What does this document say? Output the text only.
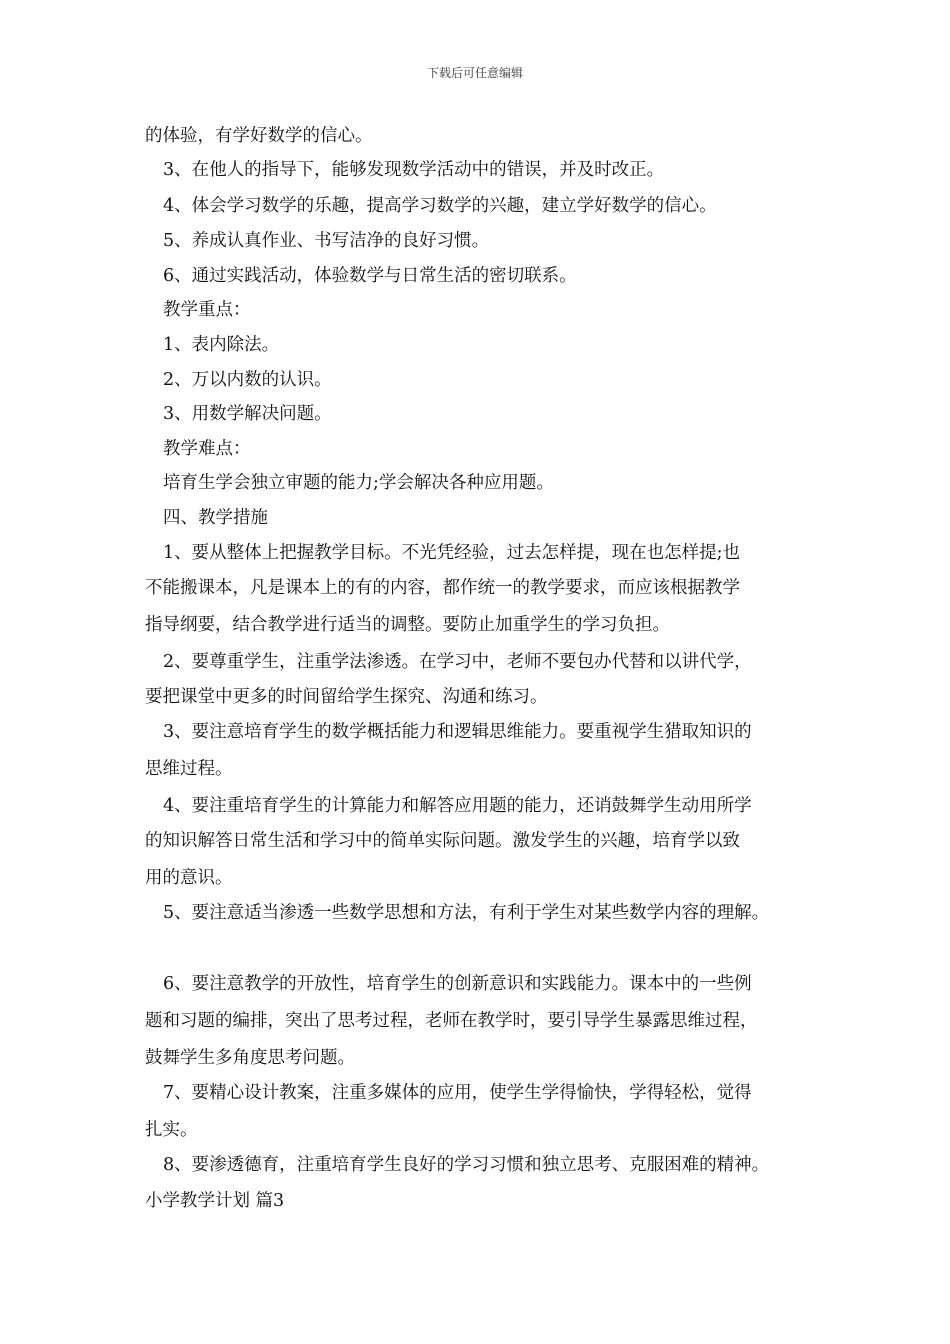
下载后可任意编辑
的体验，有学好数学的信心。
3、在他人的指导下，能够发现数学活动中的错误，并及时改正。
4、体会学习数学的乐趣，提高学习数学的兴趣，建立学好数学的信心。
5、养成认真作业、书写洁净的良好习惯。
6、通过实践活动，体验数学与日常生活的密切联系。
教学重点：
1、表内除法。
2、万以内数的认识。
3、用数学解决问题。
教学难点：
培育生学会独立审题的能力;学会解决各种应用题。
四、教学措施
1、要从整体上把握教学目标。不光凭经验，过去怎样提，现在也怎样提;也
不能搬课本，凡是课本上的有的内容，都作统一的教学要求，而应该根据教学
指导纲要，结合教学进行适当的调整。要防止加重学生的学习负担。
2、要尊重学生，注重学法渗透。在学习中，老师不要包办代替和以讲代学，
要把课堂中更多的时间留给学生探究、沟通和练习。
3、要注意培育学生的数学概括能力和逻辑思维能力。要重视学生猎取知识的
思维过程。
4、要注重培育学生的计算能力和解答应用题的能力，还诮鼓舞学生动用所学
的知识解答日常生活和学习中的简单实际问题。激发学生的兴趣，培育学以致
用的意识。
5、要注意适当渗透一些数学思想和方法，有利于学生对某些数学内容的理解。
6、要注意教学的开放性，培育学生的创新意识和实践能力。课本中的一些例
题和习题的编排，突出了思考过程，老师在教学时，要引导学生暴露思维过程，
鼓舞学生多角度思考问题。
7、要精心设计教案，注重多媒体的应用，使学生学得愉快，学得轻松，觉得
扎实。
8、要渗透德育，注重培育学生良好的学习习惯和独立思考、克服困难的精神。
小学教学计划 篇3
